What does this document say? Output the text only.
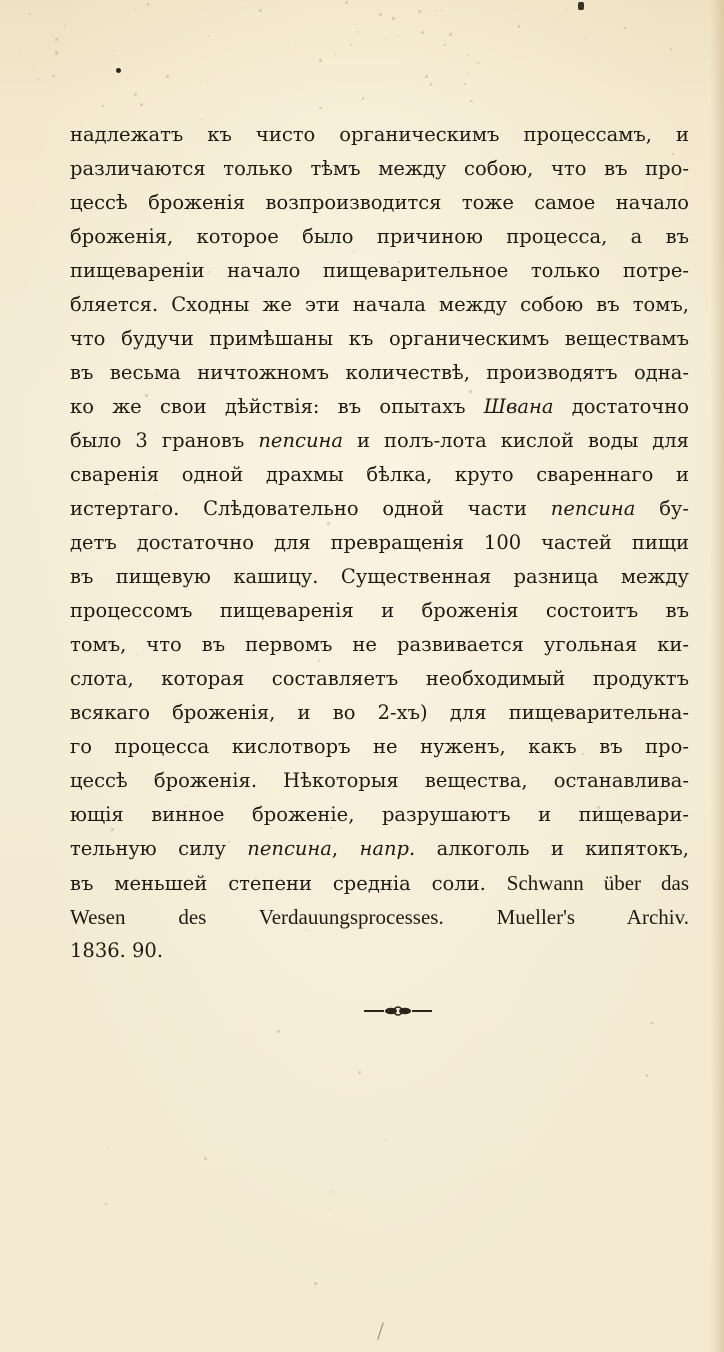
надлежатъ къ чисто органическимъ процессамъ, и
различаются только тѣмъ между собою, что въ про-
цессѣ броженія возпроизводится тоже самое начало
броженія, которое было причиною процесса, а въ
пищевареніи начало пищеварительное только потре-
бляется. Сходны же эти начала между собою въ томъ,
что будучи примѣшаны къ органическимъ веществамъ
въ весьма ничтожномъ количествѣ, производятъ одна-
ко же свои дѣйствія: въ опытахъ Швана достаточно
было 3 грановъ пепсина и полъ-лота кислой воды для
сваренія одной драхмы бѣлка, круто свареннаго и
истертаго. Слѣдовательно одной части пепсина бу-
детъ достаточно для превращенія 100 частей пищи
въ пищевую кашицу. Существенная разница между
процессомъ пищеваренія и броженія состоитъ въ
томъ, что въ первомъ не развивается угольная ки-
слота, которая составляетъ необходимый продуктъ
всякаго броженія, и во 2-хъ) для пищеварительна-
го процесса кислотворъ не нуженъ, какъ въ про-
цессѣ броженія. Нѣкоторыя вещества, останавлива-
ющія винное броженіе, разрушаютъ и пищевари-
тельную силу пепсина, напр. алкоголь и кипятокъ,
въ меньшей степени средніа соли. Schwann über das
Wesen des Verdauungsprocesses. Mueller's Archiv.
1836. 90.
